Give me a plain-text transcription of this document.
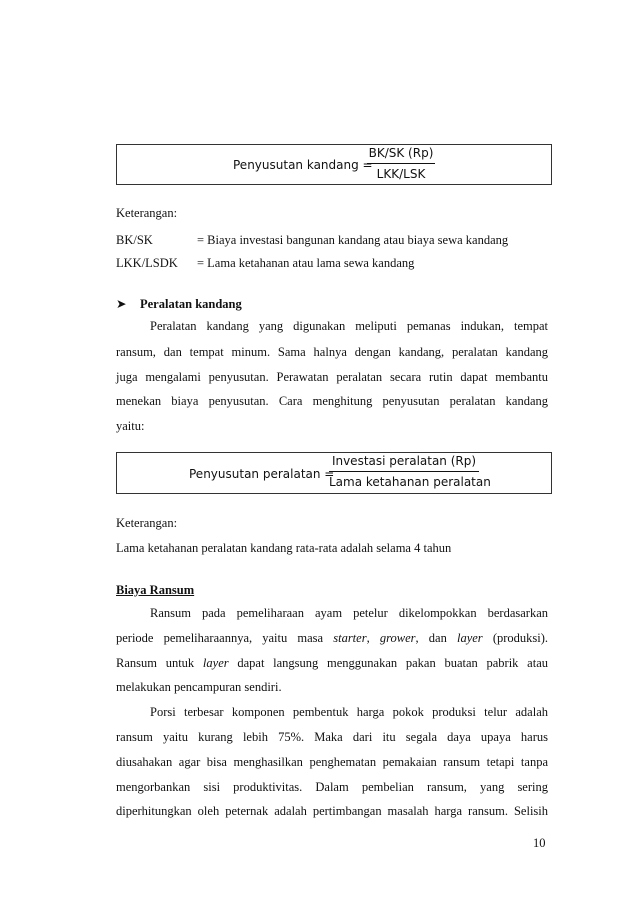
Penyusutan kandang =
BK/SK (Rp)
LKK/LSK
Keterangan:
BK/SK	= Biaya investasi bangunan kandang atau biaya sewa kandang
LKK/LSDK = Lama ketahanan atau lama sewa kandang
➤ Peralatan kandang
Peralatan kandang yang digunakan meliputi pemanas indukan, tempat
ransum, dan tempat minum. Sama halnya dengan kandang, peralatan kandang
juga mengalami penyusutan. Perawatan peralatan secara rutin dapat membantu
menekan biaya penyusutan. Cara menghitung penyusutan peralatan kandang
yaitu:
Penyusutan peralatan =
Investasi peralatan (Rp)
Lama ketahanan peralatan
Keterangan:
Lama ketahanan peralatan kandang rata-rata adalah selama 4 tahun
Biaya Ransum
Ransum pada pemeliharaan ayam petelur dikelompokkan berdasarkan
periode pemeliharaannya, yaitu masa starter, grower, dan layer (produksi).
Ransum untuk layer dapat langsung menggunakan pakan buatan pabrik atau
melakukan pencampuran sendiri.
Porsi terbesar komponen pembentuk harga pokok produksi telur adalah
ransum yaitu kurang lebih 75%. Maka dari itu segala daya upaya harus
diusahakan agar bisa menghasilkan penghematan pemakaian ransum tetapi tanpa
mengorbankan sisi produktivitas. Dalam pembelian ransum, yang sering
diperhitungkan oleh peternak adalah pertimbangan masalah harga ransum. Selisih
10
